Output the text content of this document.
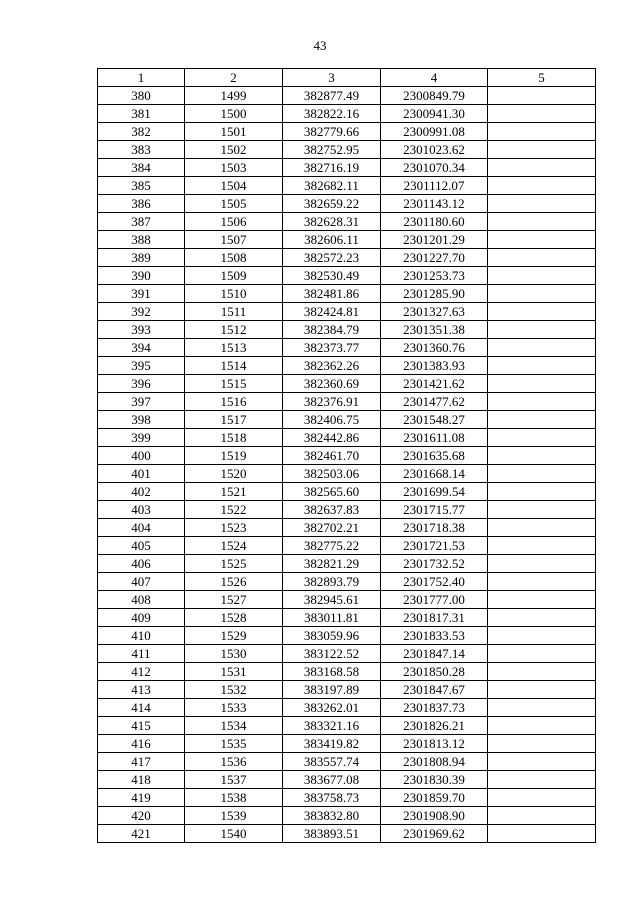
43
1	2	3	4	5
380	1499	382877.49	2300849.79	
381	1500	382822.16	2300941.30	
382	1501	382779.66	2300991.08	
383	1502	382752.95	2301023.62	
384	1503	382716.19	2301070.34	
385	1504	382682.11	2301112.07	
386	1505	382659.22	2301143.12	
387	1506	382628.31	2301180.60	
388	1507	382606.11	2301201.29	
389	1508	382572.23	2301227.70	
390	1509	382530.49	2301253.73	
391	1510	382481.86	2301285.90	
392	1511	382424.81	2301327.63	
393	1512	382384.79	2301351.38	
394	1513	382373.77	2301360.76	
395	1514	382362.26	2301383.93	
396	1515	382360.69	2301421.62	
397	1516	382376.91	2301477.62	
398	1517	382406.75	2301548.27	
399	1518	382442.86	2301611.08	
400	1519	382461.70	2301635.68	
401	1520	382503.06	2301668.14	
402	1521	382565.60	2301699.54	
403	1522	382637.83	2301715.77	
404	1523	382702.21	2301718.38	
405	1524	382775.22	2301721.53	
406	1525	382821.29	2301732.52	
407	1526	382893.79	2301752.40	
408	1527	382945.61	2301777.00	
409	1528	383011.81	2301817.31	
410	1529	383059.96	2301833.53	
411	1530	383122.52	2301847.14	
412	1531	383168.58	2301850.28	
413	1532	383197.89	2301847.67	
414	1533	383262.01	2301837.73	
415	1534	383321.16	2301826.21	
416	1535	383419.82	2301813.12	
417	1536	383557.74	2301808.94	
418	1537	383677.08	2301830.39	
419	1538	383758.73	2301859.70	
420	1539	383832.80	2301908.90	
421	1540	383893.51	2301969.62	
